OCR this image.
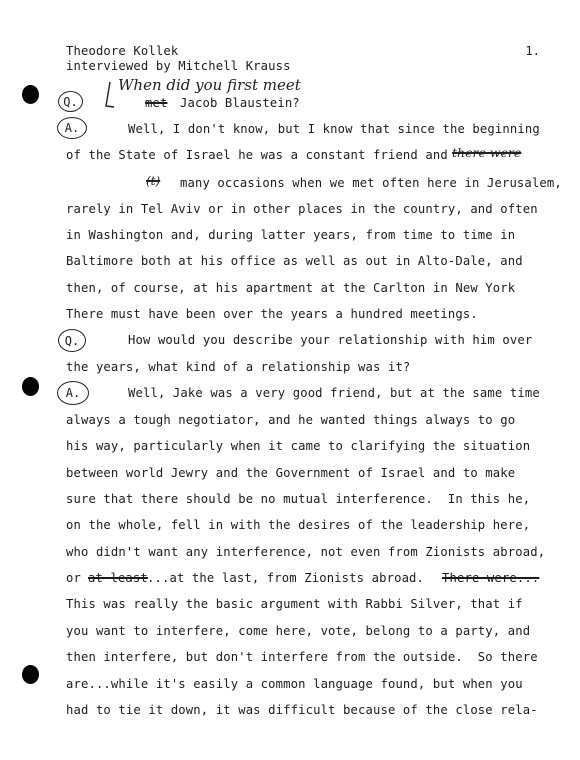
Theodore Kollek
interviewed by Mitchell Krauss
1.
When did you first meet
Q.	met Jacob Blaustein?
A.	Well, I don't know, but I know that since the beginning
of the State of Israel he was a constant friend and there were
(t) many occasions when we met often here in Jerusalem,
rarely in Tel Aviv or in other places in the country, and often
in Washington and, during latter years, from time to time in
Baltimore both at his office as well as out in Alto-Dale, and
then, of course, at his apartment at the Carlton in New York
There must have been over the years a hundred meetings.
Q.	How would you describe your relationship with him over
the years, what kind of a relationship was it?
A.	Well, Jake was a very good friend, but at the same time
always a tough negotiator, and he wanted things always to go
his way, particularly when it came to clarifying the situation
between world Jewry and the Government of Israel and to make
sure that there should be no mutual interference.  In this he,
on the whole, fell in with the desires of the leadership here,
who didn't want any interference, not even from Zionists abroad,
or at least ...at the last, from Zionists abroad. There were...
This was really the basic argument with Rabbi Silver, that if
you want to interfere, come here, vote, belong to a party, and
then interfere, but don't interfere from the outside.  So there
are...while it's easily a common language found, but when you
had to tie it down, it was difficult because of the close rela-
